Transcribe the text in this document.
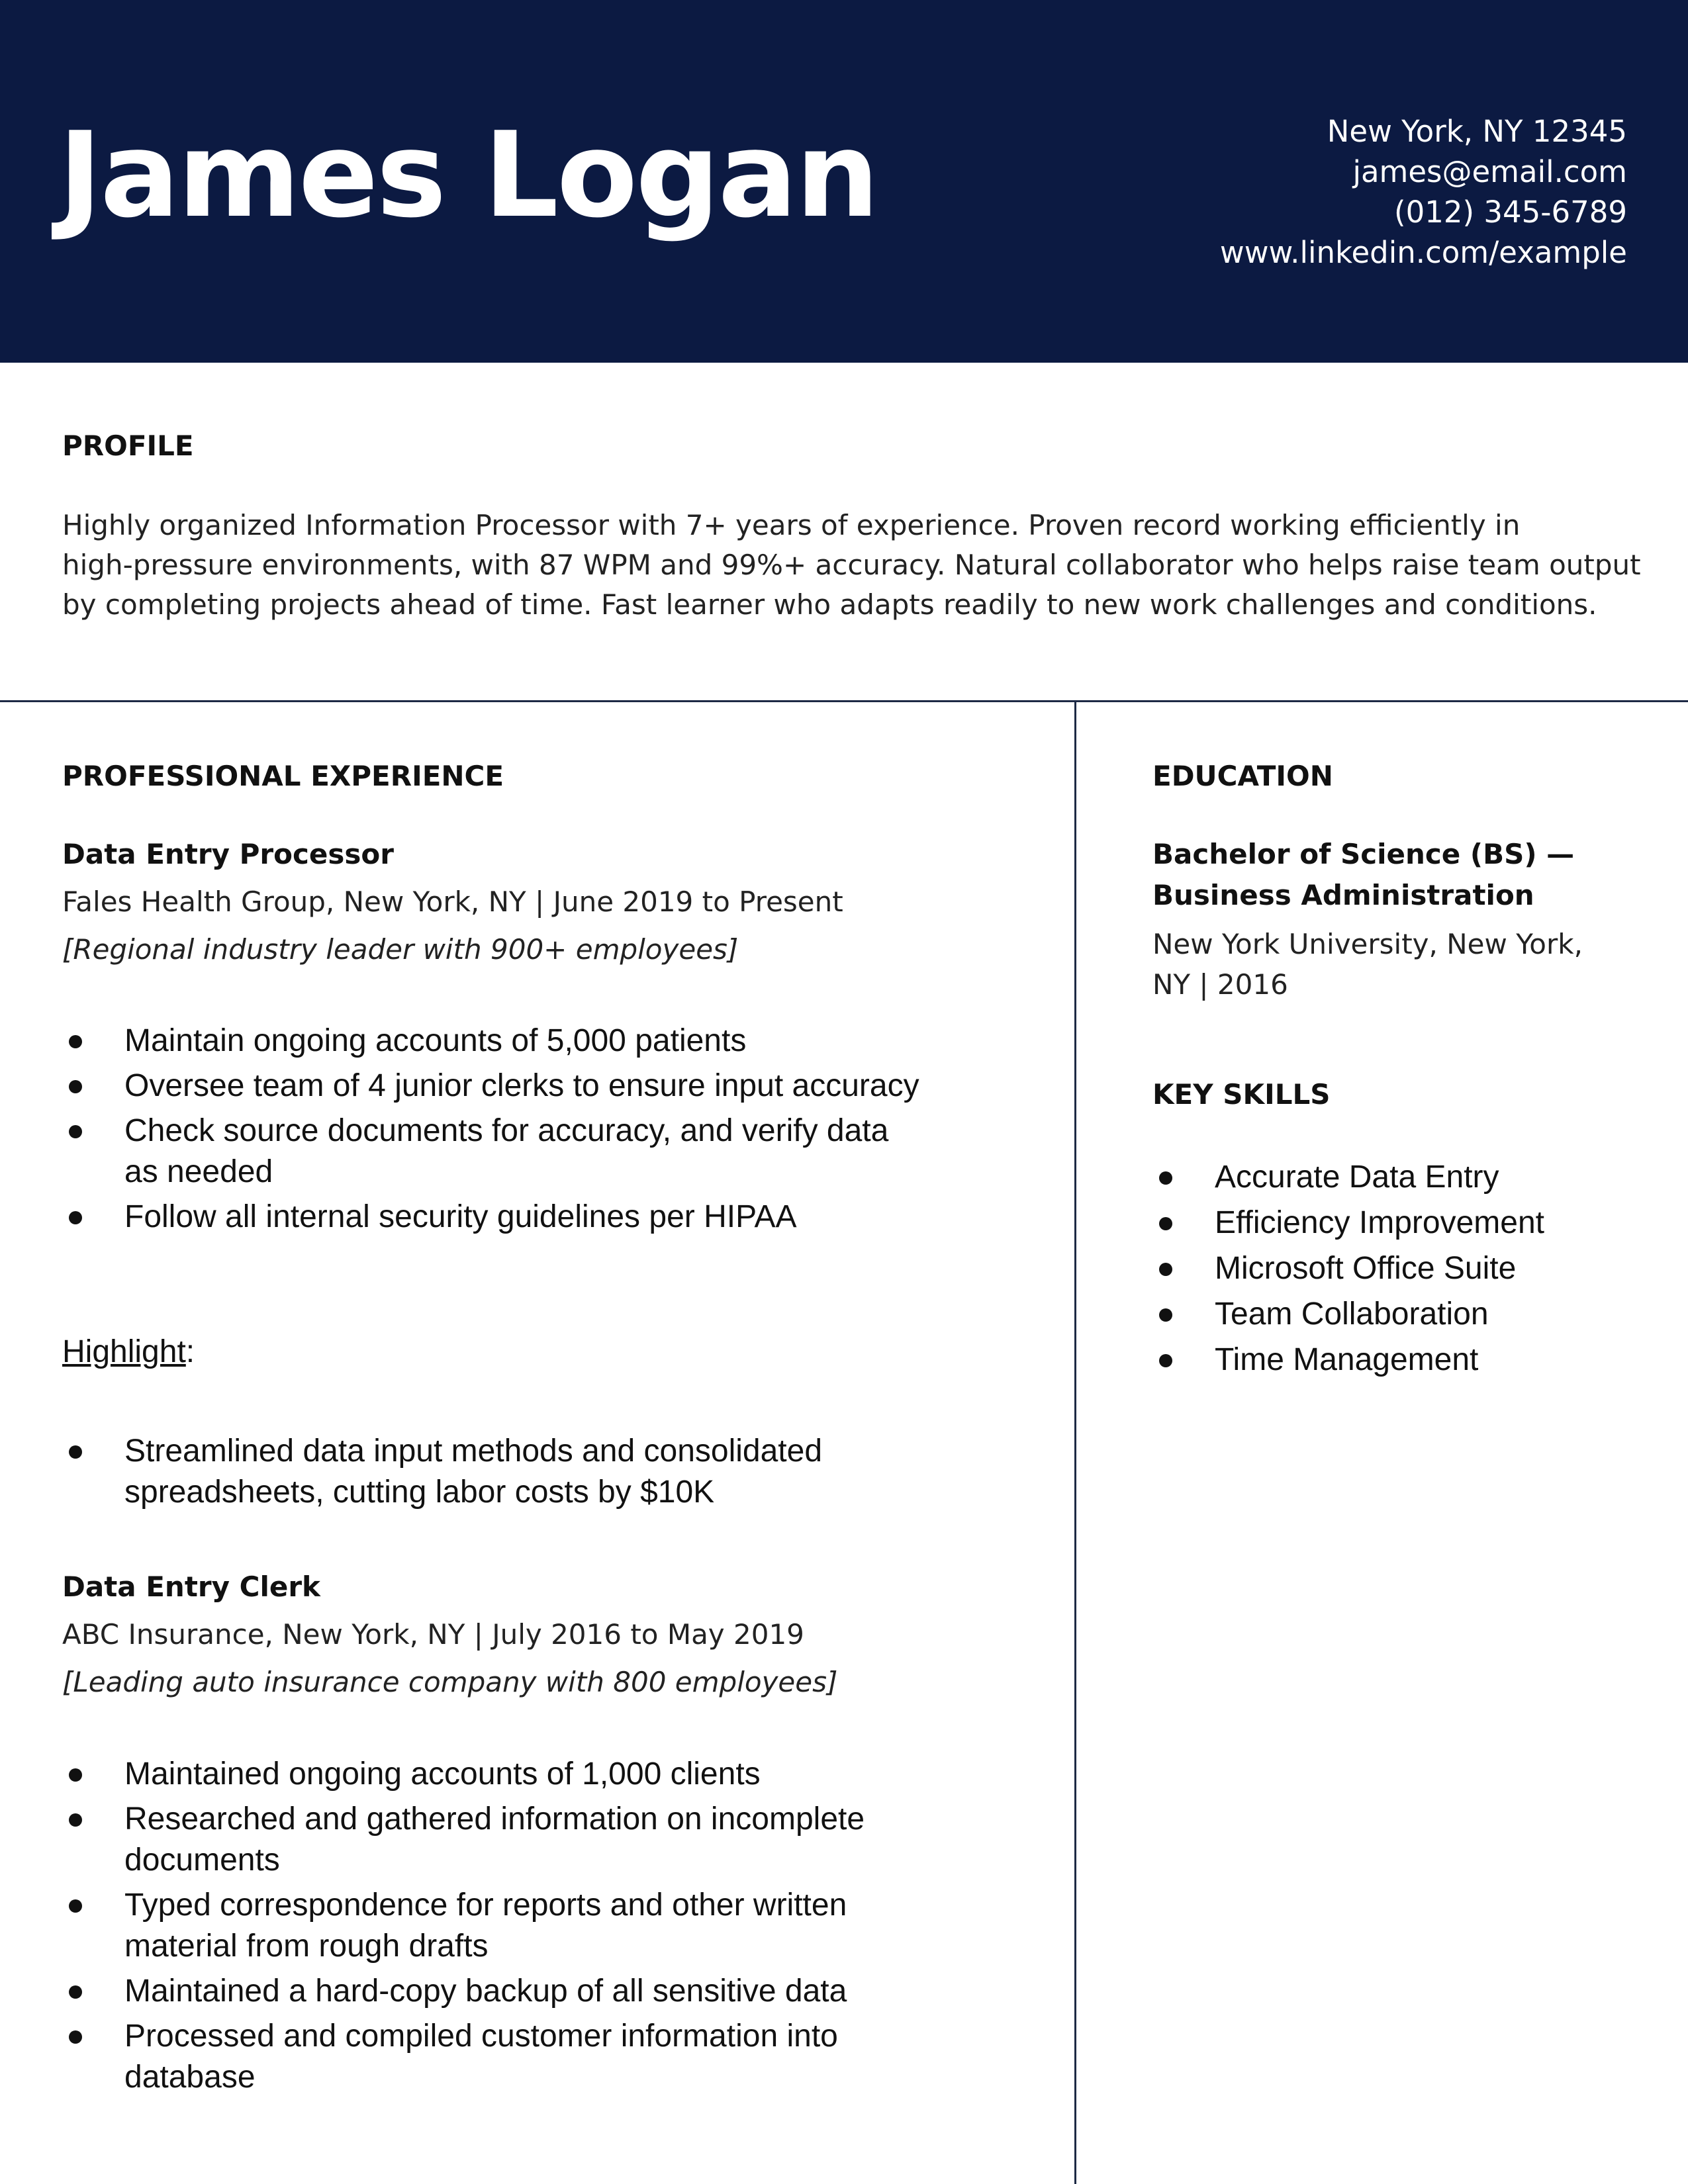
James Logan	New York, NY 12345
james@email.com
(012) 345-6789
www.linkedin.com/example
PROFILE
Highly organized Information Processor with 7+ years of experience. Proven record working efficiently in
high-pressure environments, with 87 WPM and 99%+ accuracy. Natural collaborator who helps raise team output
by completing projects ahead of time. Fast learner who adapts readily to new work challenges and conditions.
PROFESSIONAL EXPERIENCE
Data Entry Processor
Fales Health Group, New York, NY | June 2019 to Present
[Regional industry leader with 900+ employees]
Maintain ongoing accounts of 5,000 patients
Oversee team of 4 junior clerks to ensure input accuracy
Check source documents for accuracy, and verify data as needed
Follow all internal security guidelines per HIPAA
Highlight:
Streamlined data input methods and consolidated spreadsheets, cutting labor costs by $10K
Data Entry Clerk
ABC Insurance, New York, NY | July 2016 to May 2019
[Leading auto insurance company with 800 employees]
Maintained ongoing accounts of 1,000 clients
Researched and gathered information on incomplete documents
Typed correspondence for reports and other written material from rough drafts
Maintained a hard-copy backup of all sensitive data
Processed and compiled customer information into database
EDUCATION
Bachelor of Science (BS) —
Business Administration
New York University, New York,
NY | 2016
KEY SKILLS
Accurate Data Entry
Efficiency Improvement
Microsoft Office Suite
Team Collaboration
Time Management
